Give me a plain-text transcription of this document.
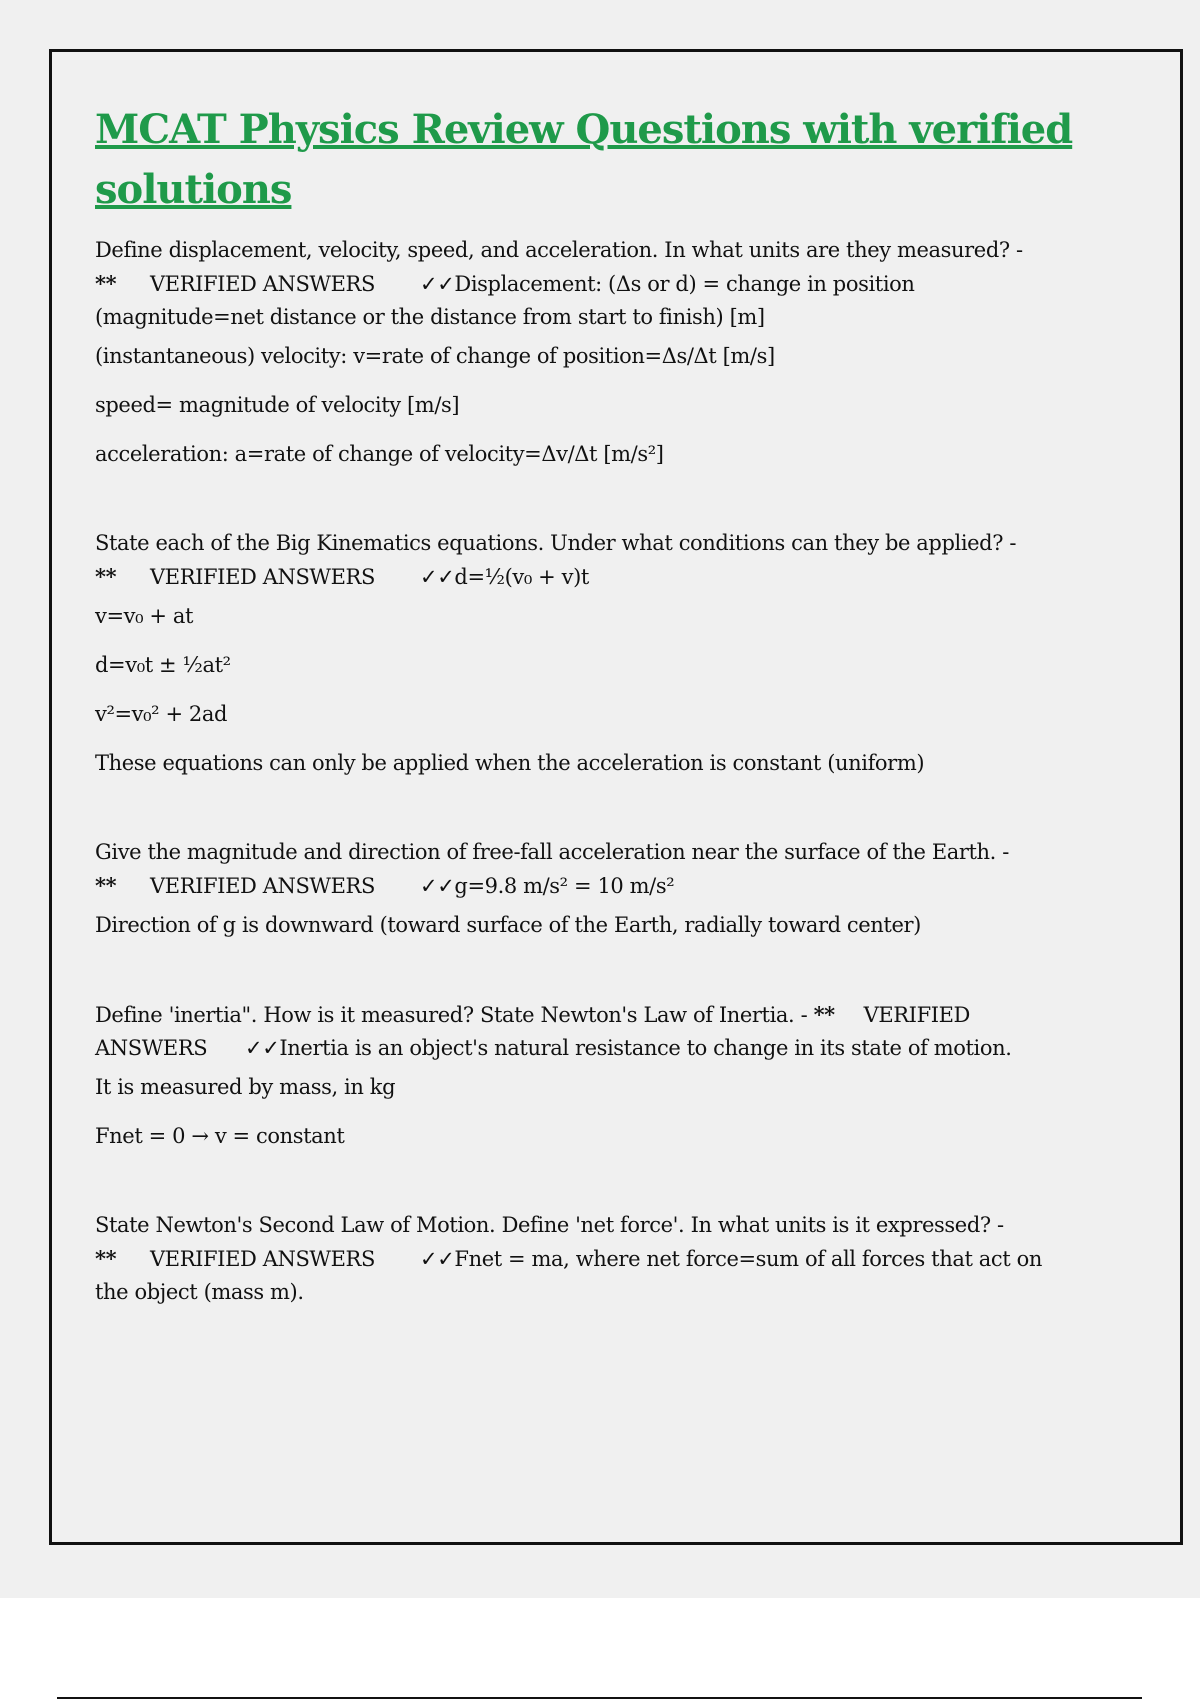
MCAT Physics Review Questions with verified solutions

Define displacement, velocity, speed, and acceleration. In what units are they measured? -

** VERIFIED ANSWERS ✓✓Displacement: (Δs or d) = change in position

(magnitude=net distance or the distance from start to finish) [m]

(instantaneous) velocity: v=rate of change of position=Δs/Δt [m/s]

speed= magnitude of velocity [m/s]

acceleration: a=rate of change of velocity=Δv/Δt [m/s²]

State each of the Big Kinematics equations. Under what conditions can they be applied? -

** VERIFIED ANSWERS ✓✓d=½(v₀ + v)t

v=v₀ + at

d=v₀t ± ½at²

v²=v₀² + 2ad

These equations can only be applied when the acceleration is constant (uniform)

Give the magnitude and direction of free-fall acceleration near the surface of the Earth. -

** VERIFIED ANSWERS ✓✓g=9.8 m/s² = 10 m/s²

Direction of g is downward (toward surface of the Earth, radially toward center)

Define 'inertia". How is it measured? State Newton's Law of Inertia. - ** VERIFIED

ANSWERS ✓✓Inertia is an object's natural resistance to change in its state of motion.

It is measured by mass, in kg

Fnet = 0 → v = constant

State Newton's Second Law of Motion. Define 'net force'. In what units is it expressed? -

** VERIFIED ANSWERS ✓✓Fnet = ma, where net force=sum of all forces that act on

the object (mass m).
